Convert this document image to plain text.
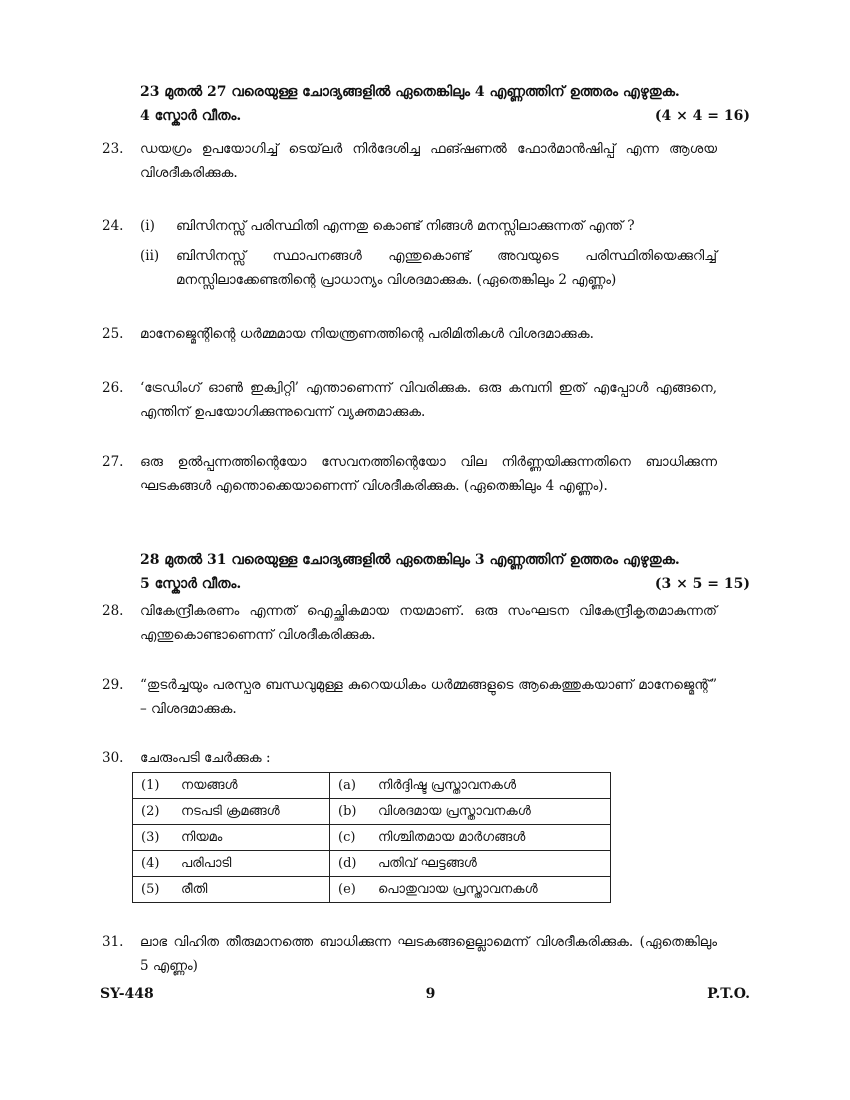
23 മുതൽ 27 വരെയുള്ള ചോദ്യങ്ങളിൽ ഏതെങ്കിലും 4 എണ്ണത്തിന് ഉത്തരം എഴുതുക.
4 സ്കോർ വീതം.	(4 × 4 = 16)
23.	ഡയഗ്രം ഉപയോഗിച്ച് ടെയ്‌ലർ നിർദേശിച്ച ഫങ്ഷണൽ ഫോർമാൻഷിപ്പ് എന്ന ആശയ വിശദീകരിക്കുക.
24.	(i) ബിസിനസ്സ് പരിസ്ഥിതി എന്നതു കൊണ്ട് നിങ്ങൾ മനസ്സിലാക്കുന്നത് എന്ത് ?
(ii) ബിസിനസ്സ് സ്ഥാപനങ്ങൾ എന്തുകൊണ്ട് അവയുടെ പരിസ്ഥിതിയെക്കുറിച്ച് മനസ്സിലാക്കേണ്ടതിന്റെ പ്രാധാന്യം വിശദമാക്കുക. (ഏതെങ്കിലും 2 എണ്ണം)
25.	മാനേജ്മെന്റിന്റെ ധർമ്മമായ നിയന്ത്രണത്തിന്റെ പരിമിതികൾ വിശദമാക്കുക.
26.	‘ട്രേഡിംഗ് ഓൺ ഇക്വിറ്റി’ എന്താണെന്ന് വിവരിക്കുക. ഒരു കമ്പനി ഇത് എപ്പോൾ എങ്ങനെ, എന്തിന് ഉപയോഗിക്കുന്നുവെന്ന് വ്യക്തമാക്കുക.
27.	ഒരു ഉൽപ്പന്നത്തിന്റെയോ സേവനത്തിന്റെയോ വില നിർണ്ണയിക്കുന്നതിനെ ബാധിക്കുന്ന ഘടകങ്ങൾ എന്തൊക്കെയാണെന്ന് വിശദീകരിക്കുക. (ഏതെങ്കിലും 4 എണ്ണം).
28 മുതൽ 31 വരെയുള്ള ചോദ്യങ്ങളിൽ ഏതെങ്കിലും 3 എണ്ണത്തിന് ഉത്തരം എഴുതുക.
5 സ്കോർ വീതം.	(3 × 5 = 15)
28.	വികേന്ദ്രീകരണം എന്നത് ഐച്ഛികമായ നയമാണ്. ഒരു സംഘടന വികേന്ദ്രീകൃതമാകുന്നത് എന്തുകൊണ്ടാണെന്ന് വിശദീകരിക്കുക.
29.	“തുടർച്ചയും പരസ്പര ബന്ധവുമുള്ള കുറെയധികം ധർമ്മങ്ങളുടെ ആകെത്തുകയാണ് മാനേജ്മെന്റ്” – വിശദമാക്കുക.
30.	ചേരുംപടി ചേർക്കുക :
(1) നയങ്ങൾ	(a) നിർദ്ദിഷ്ട പ്രസ്താവനകൾ

(2) നടപടി ക്രമങ്ങൾ	(b) വിശദമായ പ്രസ്താവനകൾ

(3) നിയമം	(c) നിശ്ചിതമായ മാർഗങ്ങൾ

(4) പരിപാടി	(d) പതിവ് ഘട്ടങ്ങൾ

(5) രീതി	(e) പൊതുവായ പ്രസ്താവനകൾ
31.	ലാഭ വിഹിത തീരുമാനത്തെ ബാധിക്കുന്ന ഘടകങ്ങളെല്ലാമെന്ന് വിശദീകരിക്കുക. (ഏതെങ്കിലും 5 എണ്ണം)
SY-448	9	P.T.O.
